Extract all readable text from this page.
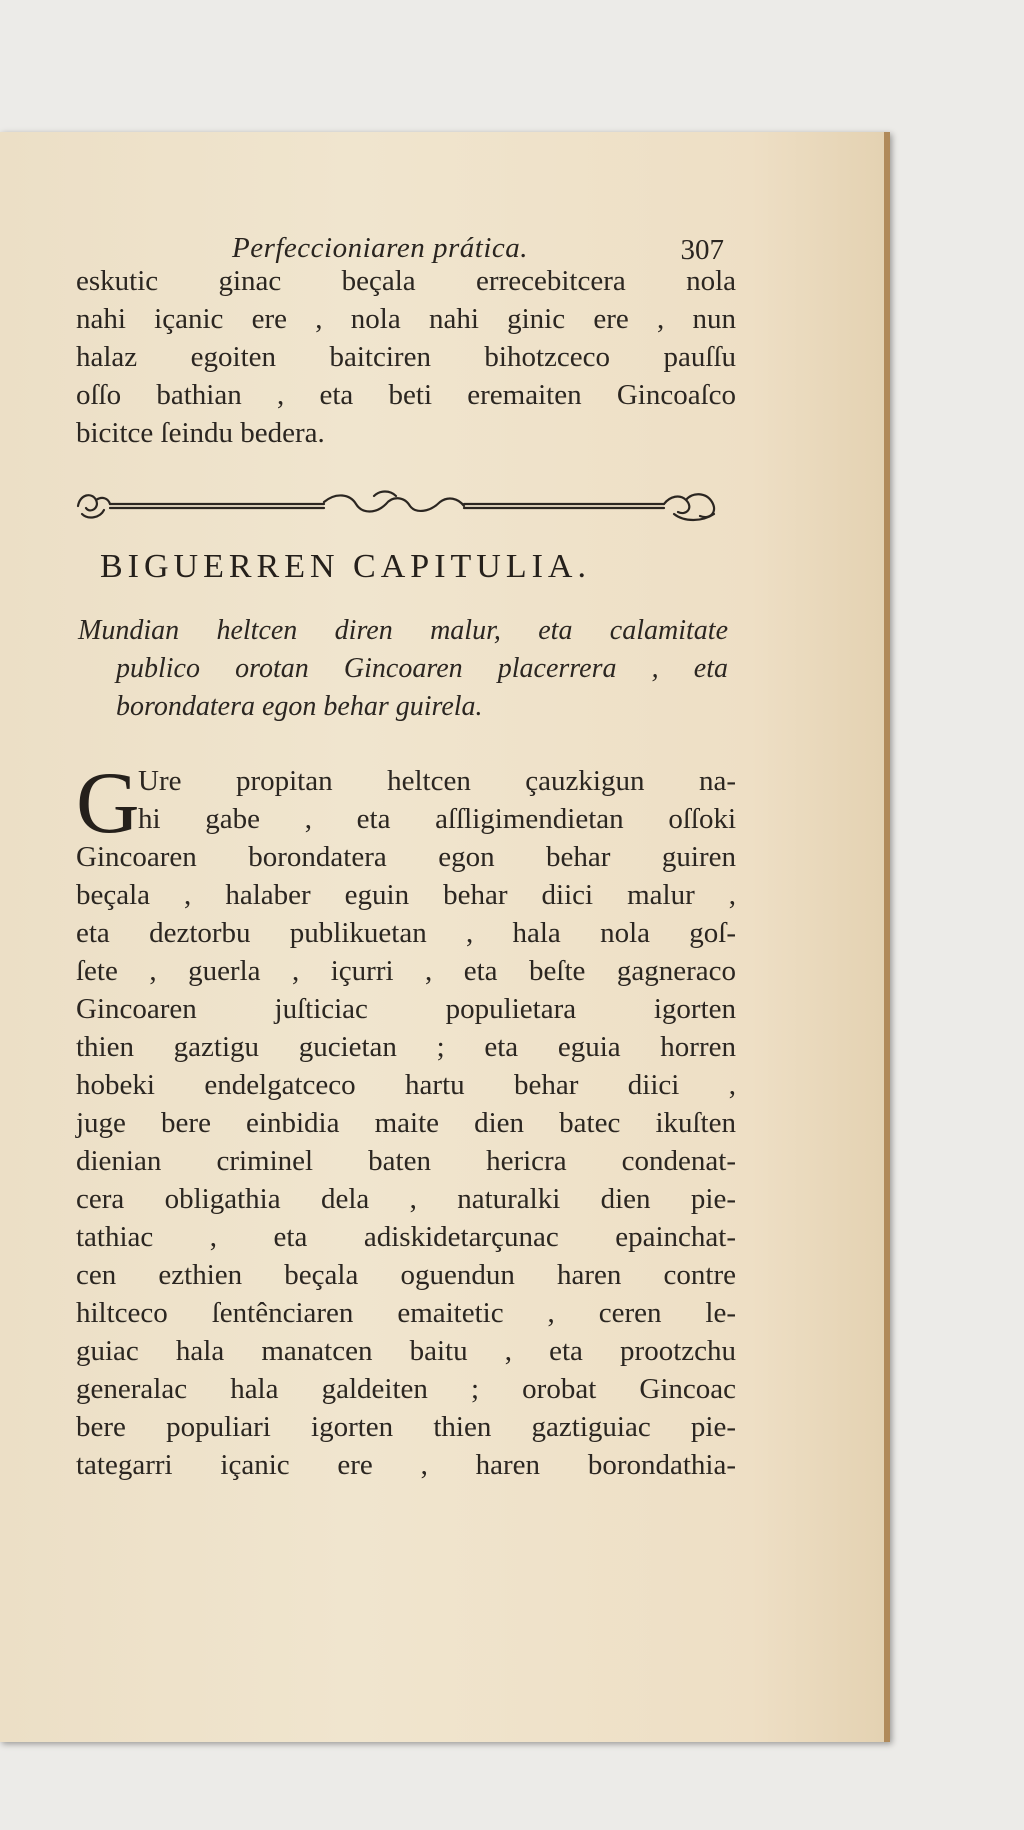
Perfeccioniaren prática.	307
eskutic ginac beçala errecebitcera nola
nahi içanic ere , nola nahi ginic ere , nun
halaz egoiten baitciren bihotzceco pauſſu
oſſo bathian , eta beti eremaiten Gincoaſco
bicitce ſeindu bedera.
BIGUERREN CAPITULIA.
Mundian heltcen diren malur, eta calamitate
publico orotan Gincoaren placerrera , eta
borondatera egon behar guirela.
G
Ure propitan heltcen çauzkigun na-
hi gabe , eta aſſligimendietan oſſoki
Gincoaren borondatera egon behar guiren
beçala , halaber eguin behar diici malur ,
eta deztorbu publikuetan , hala nola goſ-
ſete , guerla , içurri , eta beſte gagneraco
Gincoaren juſticiac populietara igorten
thien gaztigu gucietan ; eta eguia horren
hobeki endelgatceco hartu behar diici ,
juge bere einbidia maite dien batec ikuſten
dienian criminel baten hericra condenat-
cera obligathia dela , naturalki dien pie-
tathiac , eta adiskidetarçunac epainchat-
cen ezthien beçala oguendun haren contre
hiltceco ſentênciaren emaitetic , ceren le-
guiac hala manatcen baitu , eta prootzchu
generalac hala galdeiten ; orobat Gincoac
bere populiari igorten thien gaztiguiac pie-
tategarri içanic ere , haren borondathia-
